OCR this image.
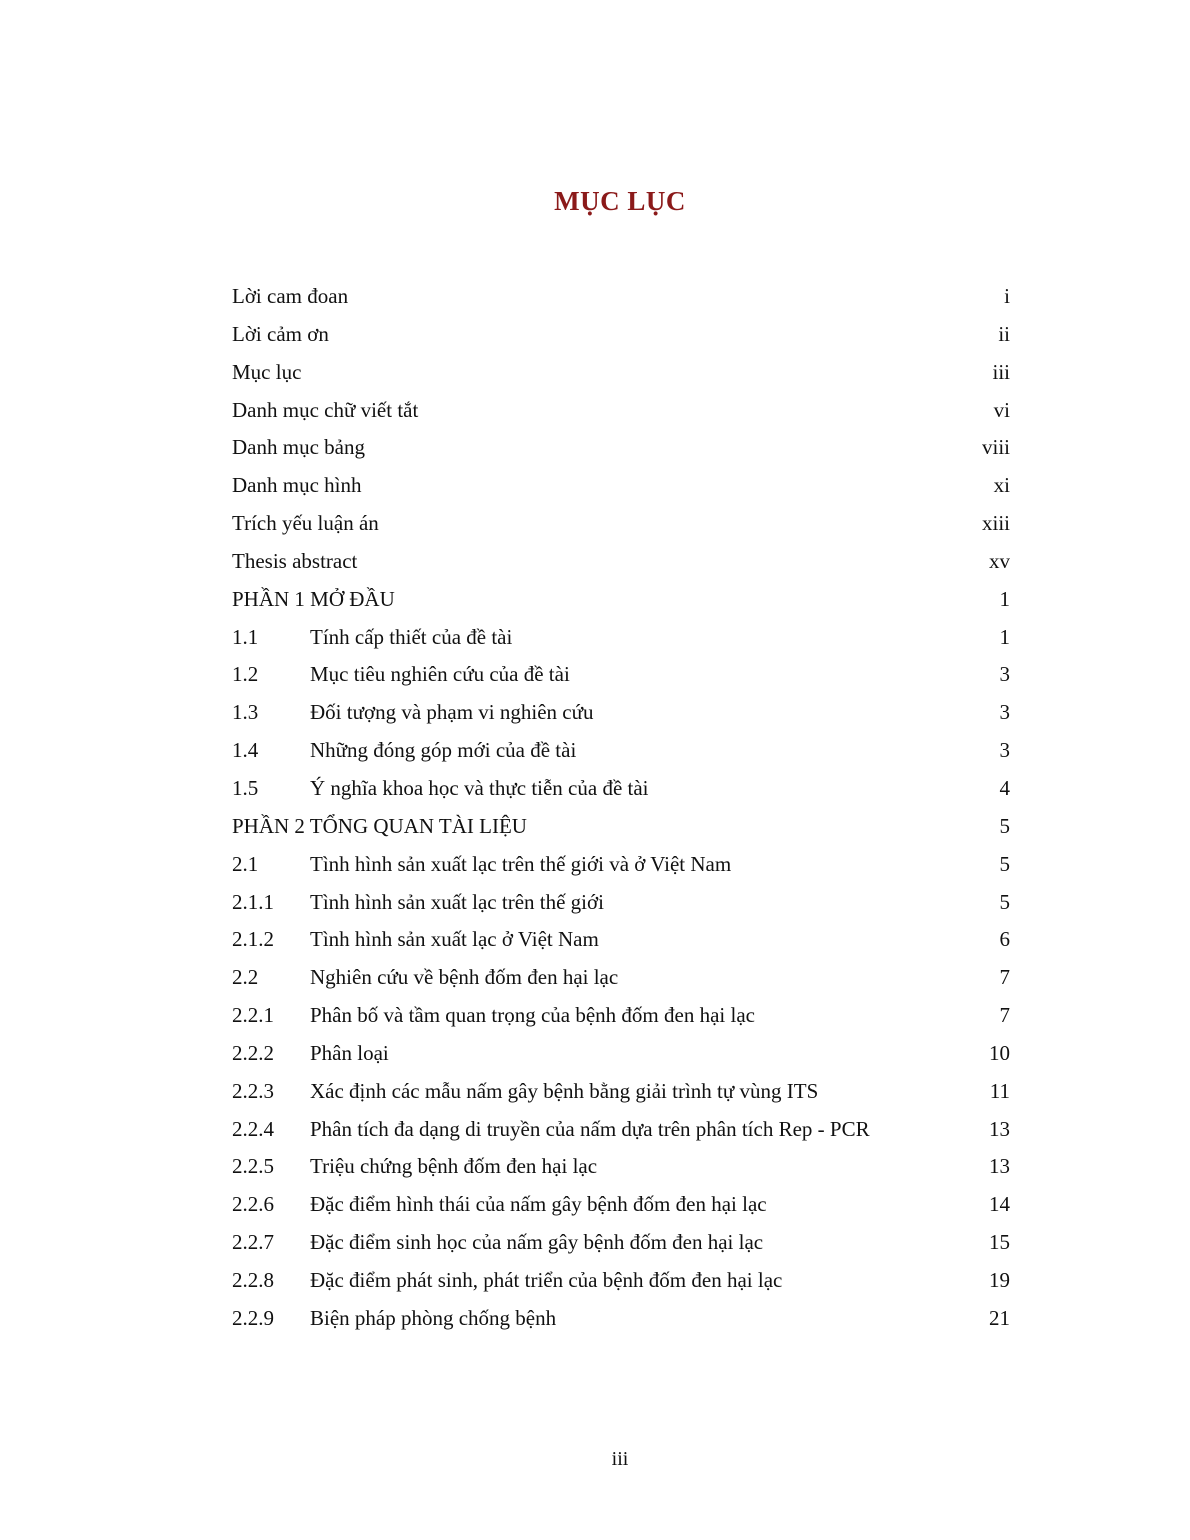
MỤC LỤC
Lời cam đoan	i
Lời cảm ơn	ii
Mục lục	iii
Danh mục chữ viết tắt	vi
Danh mục bảng	viii
Danh mục hình	xi
Trích yếu luận án	xiii
Thesis abstract	xv
PHẦN 1 MỞ ĐẦU	1
1.1	Tính cấp thiết của đề tài	1
1.2	Mục tiêu nghiên cứu của đề tài	3
1.3	Đối tượng và phạm vi nghiên cứu	3
1.4	Những đóng góp mới của đề tài	3
1.5	Ý nghĩa khoa học và thực tiễn của đề tài	4
PHẦN 2 TỔNG QUAN TÀI LIỆU	5
2.1	Tình hình sản xuất lạc trên thế giới và ở Việt Nam	5
2.1.1	Tình hình sản xuất lạc trên thế giới	5
2.1.2	Tình hình sản xuất lạc ở Việt Nam	6
2.2	Nghiên cứu về bệnh đốm đen hại lạc	7
2.2.1	Phân bố và tầm quan trọng của bệnh đốm đen hại lạc	7
2.2.2	Phân loại	10
2.2.3	Xác định các mẫu nấm gây bệnh bằng giải trình tự vùng ITS	11
2.2.4	Phân tích đa dạng di truyền của nấm dựa trên phân tích Rep - PCR	13
2.2.5	Triệu chứng bệnh đốm đen hại lạc	13
2.2.6	Đặc điểm hình thái của nấm gây bệnh đốm đen hại lạc	14
2.2.7	Đặc điểm sinh học của nấm gây bệnh đốm đen hại lạc	15
2.2.8	Đặc điểm phát sinh, phát triển của bệnh đốm đen hại lạc	19
2.2.9	Biện pháp phòng chống bệnh	21
iii
